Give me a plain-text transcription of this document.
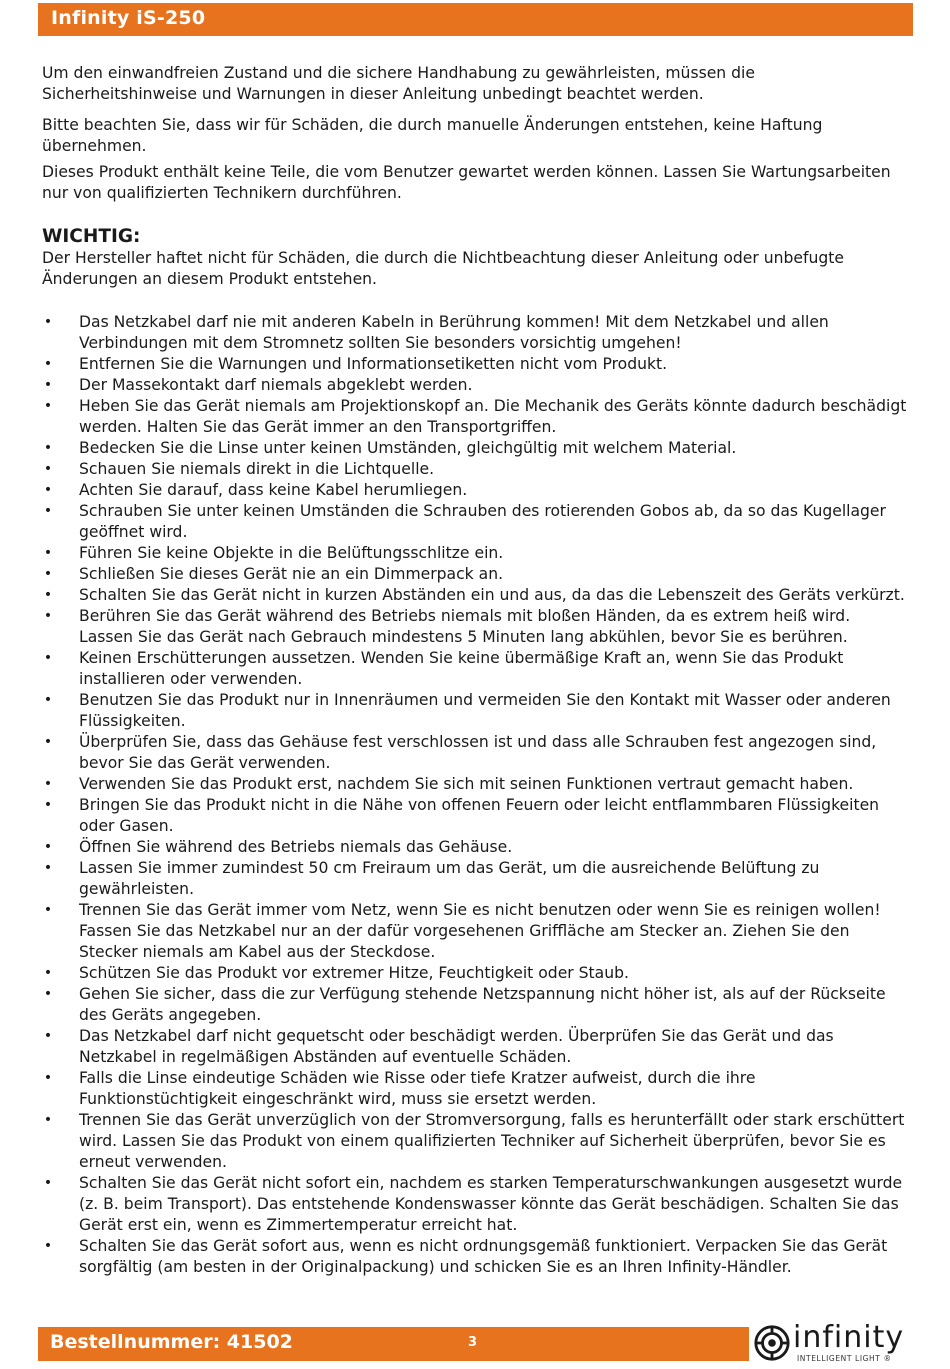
Infinity iS-250

Um den einwandfreien Zustand und die sichere Handhabung zu gewährleisten, müssen die Sicherheitshinweise und Warnungen in dieser Anleitung unbedingt beachtet werden.

Bitte beachten Sie, dass wir für Schäden, die durch manuelle Änderungen entstehen, keine Haftung übernehmen.

Dieses Produkt enthält keine Teile, die vom Benutzer gewartet werden können. Lassen Sie Wartungsarbeiten nur von qualifizierten Technikern durchführen.

WICHTIG:

Der Hersteller haftet nicht für Schäden, die durch die Nichtbeachtung dieser Anleitung oder unbefugte Änderungen an diesem Produkt entstehen.

• Das Netzkabel darf nie mit anderen Kabeln in Berührung kommen! Mit dem Netzkabel und allen Verbindungen mit dem Stromnetz sollten Sie besonders vorsichtig umgehen!
• Entfernen Sie die Warnungen und Informationsetiketten nicht vom Produkt.
• Der Massekontakt darf niemals abgeklebt werden.
• Heben Sie das Gerät niemals am Projektionskopf an. Die Mechanik des Geräts könnte dadurch beschädigt werden. Halten Sie das Gerät immer an den Transportgriffen.
• Bedecken Sie die Linse unter keinen Umständen, gleichgültig mit welchem Material.
• Schauen Sie niemals direkt in die Lichtquelle.
• Achten Sie darauf, dass keine Kabel herumliegen.
• Schrauben Sie unter keinen Umständen die Schrauben des rotierenden Gobos ab, da so das Kugellager geöffnet wird.
• Führen Sie keine Objekte in die Belüftungsschlitze ein.
• Schließen Sie dieses Gerät nie an ein Dimmerpack an.
• Schalten Sie das Gerät nicht in kurzen Abständen ein und aus, da das die Lebenszeit des Geräts verkürzt.
• Berühren Sie das Gerät während des Betriebs niemals mit bloßen Händen, da es extrem heiß wird. Lassen Sie das Gerät nach Gebrauch mindestens 5 Minuten lang abkühlen, bevor Sie es berühren.
• Keinen Erschütterungen aussetzen. Wenden Sie keine übermäßige Kraft an, wenn Sie das Produkt installieren oder verwenden.
• Benutzen Sie das Produkt nur in Innenräumen und vermeiden Sie den Kontakt mit Wasser oder anderen Flüssigkeiten.
• Überprüfen Sie, dass das Gehäuse fest verschlossen ist und dass alle Schrauben fest angezogen sind, bevor Sie das Gerät verwenden.
• Verwenden Sie das Produkt erst, nachdem Sie sich mit seinen Funktionen vertraut gemacht haben.
• Bringen Sie das Produkt nicht in die Nähe von offenen Feuern oder leicht entflammbaren Flüssigkeiten oder Gasen.
• Öffnen Sie während des Betriebs niemals das Gehäuse.
• Lassen Sie immer zumindest 50 cm Freiraum um das Gerät, um die ausreichende Belüftung zu gewährleisten.
• Trennen Sie das Gerät immer vom Netz, wenn Sie es nicht benutzen oder wenn Sie es reinigen wollen! Fassen Sie das Netzkabel nur an der dafür vorgesehenen Griffläche am Stecker an. Ziehen Sie den Stecker niemals am Kabel aus der Steckdose.
• Schützen Sie das Produkt vor extremer Hitze, Feuchtigkeit oder Staub.
• Gehen Sie sicher, dass die zur Verfügung stehende Netzspannung nicht höher ist, als auf der Rückseite des Geräts angegeben.
• Das Netzkabel darf nicht gequetscht oder beschädigt werden. Überprüfen Sie das Gerät und das Netzkabel in regelmäßigen Abständen auf eventuelle Schäden.
• Falls die Linse eindeutige Schäden wie Risse oder tiefe Kratzer aufweist, durch die ihre Funktionstüchtigkeit eingeschränkt wird, muss sie ersetzt werden.
• Trennen Sie das Gerät unverzüglich von der Stromversorgung, falls es herunterfällt oder stark erschüttert wird. Lassen Sie das Produkt von einem qualifizierten Techniker auf Sicherheit überprüfen, bevor Sie es erneut verwenden.
• Schalten Sie das Gerät nicht sofort ein, nachdem es starken Temperaturschwankungen ausgesetzt wurde (z. B. beim Transport). Das entstehende Kondenswasser könnte das Gerät beschädigen. Schalten Sie das Gerät erst ein, wenn es Zimmertemperatur erreicht hat.
• Schalten Sie das Gerät sofort aus, wenn es nicht ordnungsgemäß funktioniert. Verpacken Sie das Gerät sorgfältig (am besten in der Originalpackung) und schicken Sie es an Ihren Infinity-Händler.
Bestellnummer: 41502	3	infinity
INTELLIGENT LIGHT ®
